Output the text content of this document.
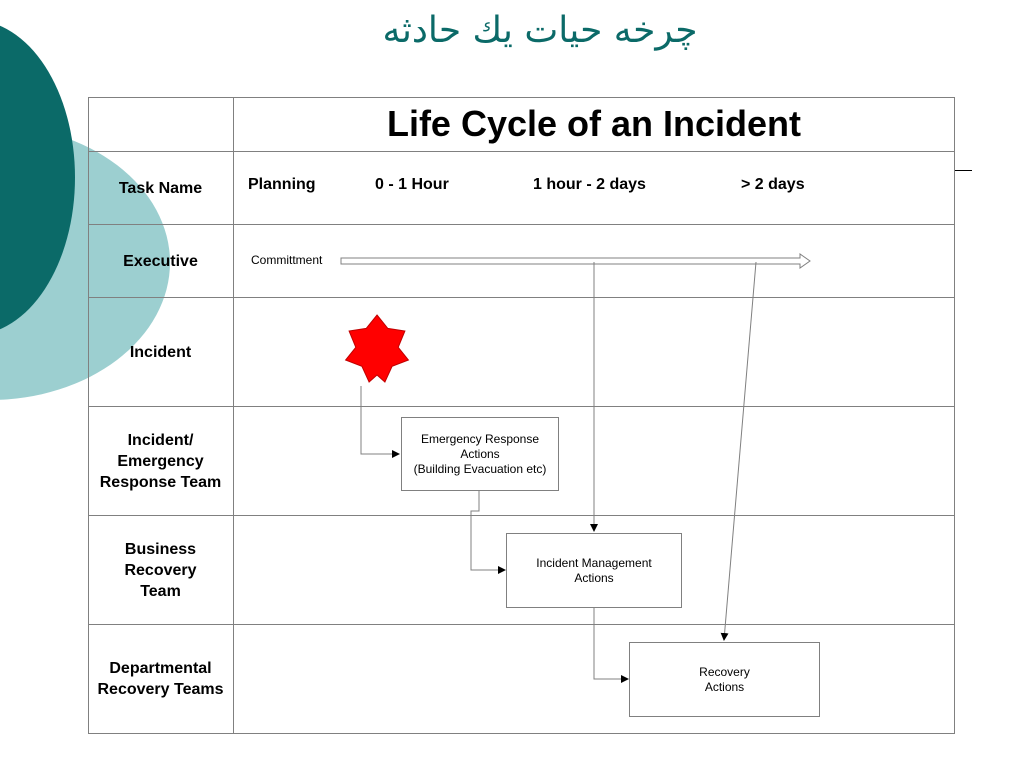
چرخه حيات يك حادثه
Life Cycle of an Incident
Task Name	Planning	0 - 1 Hour	1 hour - 2 days	> 2 days
Executive
Incident
Incident/ Emergency Response Team
Business Recovery Team
Departmental Recovery Teams
Committment
Emergency Response
Actions
(Building Evacuation etc)
Incident Management
Actions
Recovery
Actions
